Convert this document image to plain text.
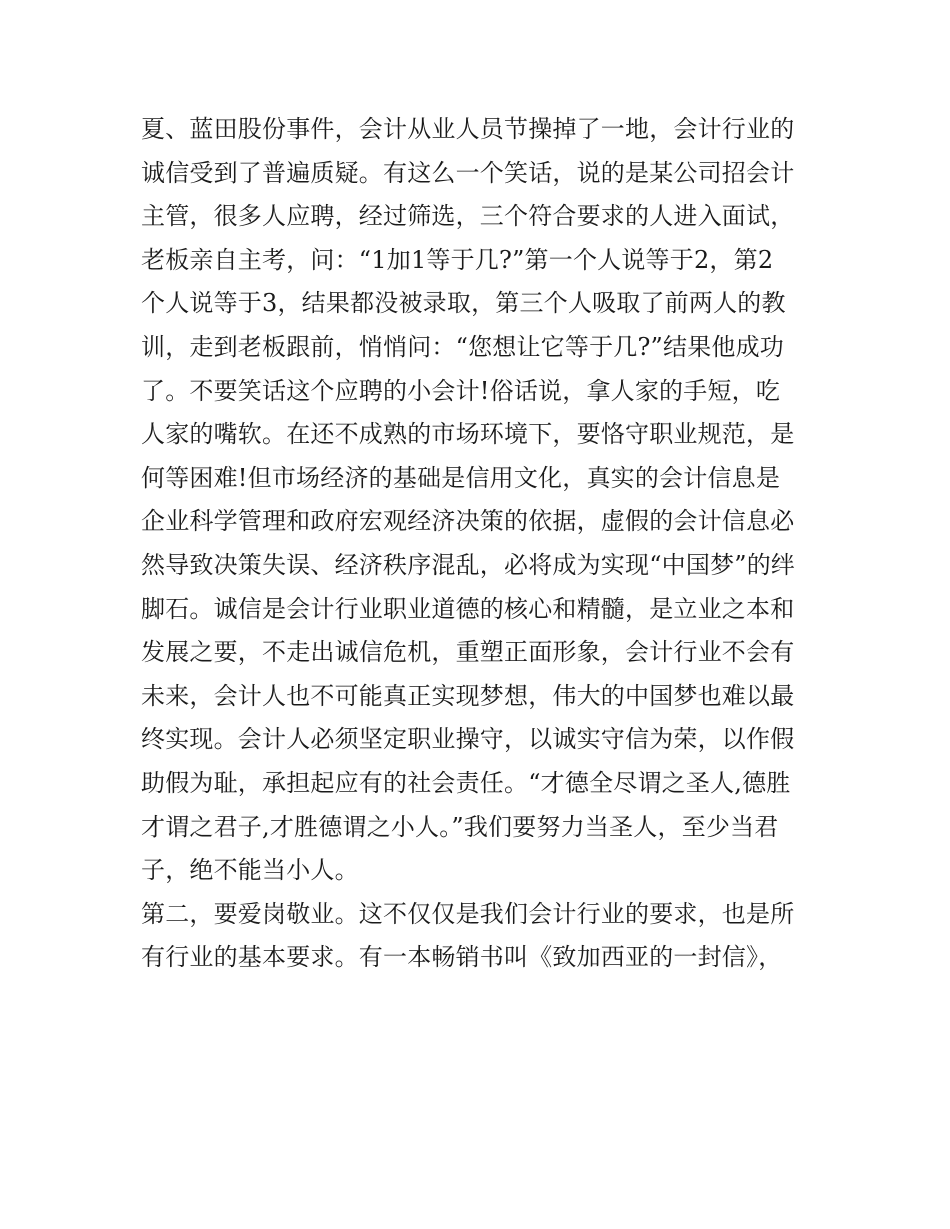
夏、蓝田股份事件，会计从业人员节操掉了一地，会计行业的
诚信受到了普遍质疑。有这么一个笑话，说的是某公司招会计
主管，很多人应聘，经过筛选，三个符合要求的人进入面试，
老板亲自主考，问：“1加1等于几?”第一个人说等于2，第2
个人说等于3，结果都没被录取，第三个人吸取了前两人的教
训，走到老板跟前，悄悄问：“您想让它等于几?”结果他成功
了。不要笑话这个应聘的小会计!俗话说，拿人家的手短，吃
人家的嘴软。在还不成熟的市场环境下，要恪守职业规范，是
何等困难!但市场经济的基础是信用文化，真实的会计信息是
企业科学管理和政府宏观经济决策的依据，虚假的会计信息必
然导致决策失误、经济秩序混乱，必将成为实现“中国梦”的绊
脚石。诚信是会计行业职业道德的核心和精髓，是立业之本和
发展之要，不走出诚信危机，重塑正面形象，会计行业不会有
未来，会计人也不可能真正实现梦想，伟大的中国梦也难以最
终实现。会计人必须坚定职业操守，以诚实守信为荣，以作假
助假为耻，承担起应有的社会责任。“才德全尽谓之圣人,德胜
才谓之君子,才胜德谓之小人。”我们要努力当圣人，至少当君
子，绝不能当小人。
第二，要爱岗敬业。这不仅仅是我们会计行业的要求，也是所
有行业的基本要求。有一本畅销书叫《致加西亚的一封信》，
